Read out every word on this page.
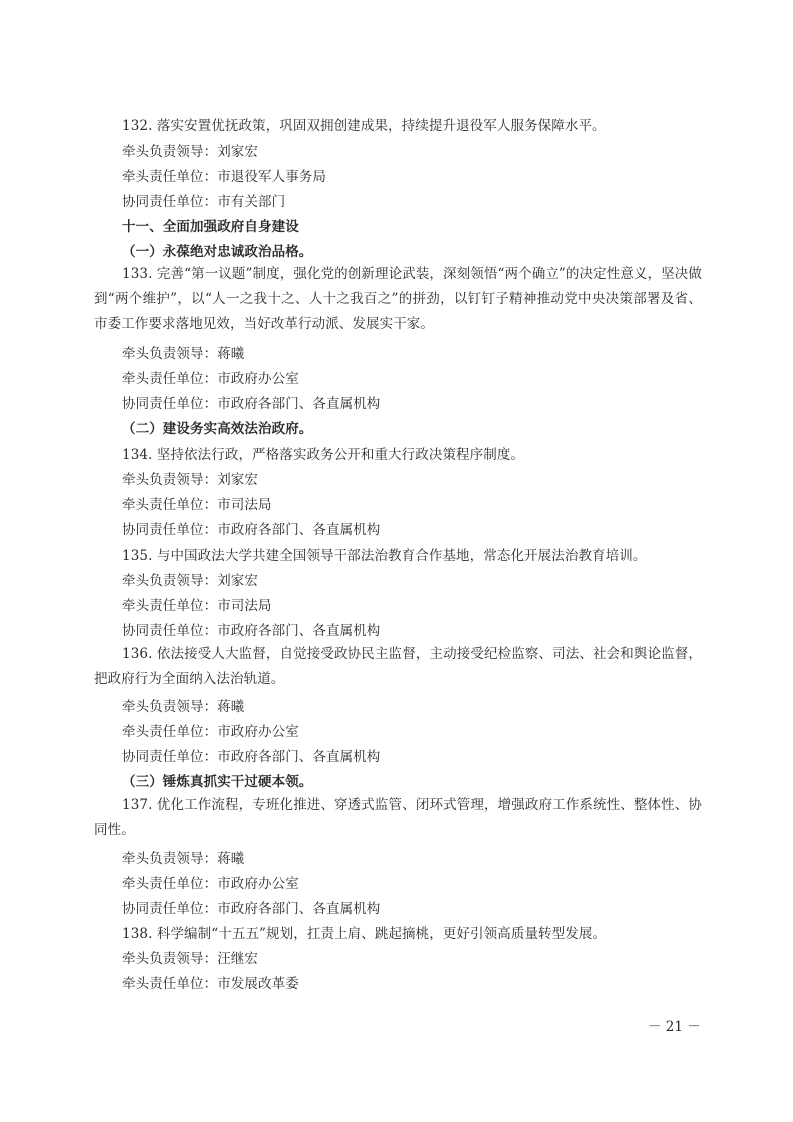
132. 落实安置优抚政策，巩固双拥创建成果，持续提升退役军人服务保障水平。
牵头负责领导：刘家宏
牵头责任单位：市退役军人事务局
协同责任单位：市有关部门
十一、全面加强政府自身建设
（一）永葆绝对忠诚政治品格。
133. 完善“第一议题”制度，强化党的创新理论武装，深刻领悟“两个确立”的决定性意义，坚决做到“两个维护”，以“人一之我十之、人十之我百之”的拼劲，以钉钉子精神推动党中央决策部署及省、市委工作要求落地见效，当好改革行动派、发展实干家。
牵头负责领导：蒋曦
牵头责任单位：市政府办公室
协同责任单位：市政府各部门、各直属机构
（二）建设务实高效法治政府。
134. 坚持依法行政，严格落实政务公开和重大行政决策程序制度。
牵头负责领导：刘家宏
牵头责任单位：市司法局
协同责任单位：市政府各部门、各直属机构
135. 与中国政法大学共建全国领导干部法治教育合作基地，常态化开展法治教育培训。
牵头负责领导：刘家宏
牵头责任单位：市司法局
协同责任单位：市政府各部门、各直属机构
136. 依法接受人大监督，自觉接受政协民主监督，主动接受纪检监察、司法、社会和舆论监督，把政府行为全面纳入法治轨道。
牵头负责领导：蒋曦
牵头责任单位：市政府办公室
协同责任单位：市政府各部门、各直属机构
（三）锤炼真抓实干过硬本领。
137. 优化工作流程，专班化推进、穿透式监管、闭环式管理，增强政府工作系统性、整体性、协同性。
牵头负责领导：蒋曦
牵头责任单位：市政府办公室
协同责任单位：市政府各部门、各直属机构
138. 科学编制“十五五”规划，扛责上肩、跳起摘桃，更好引领高质量转型发展。
牵头负责领导：汪继宏
牵头责任单位：市发展改革委
－ 21 －
